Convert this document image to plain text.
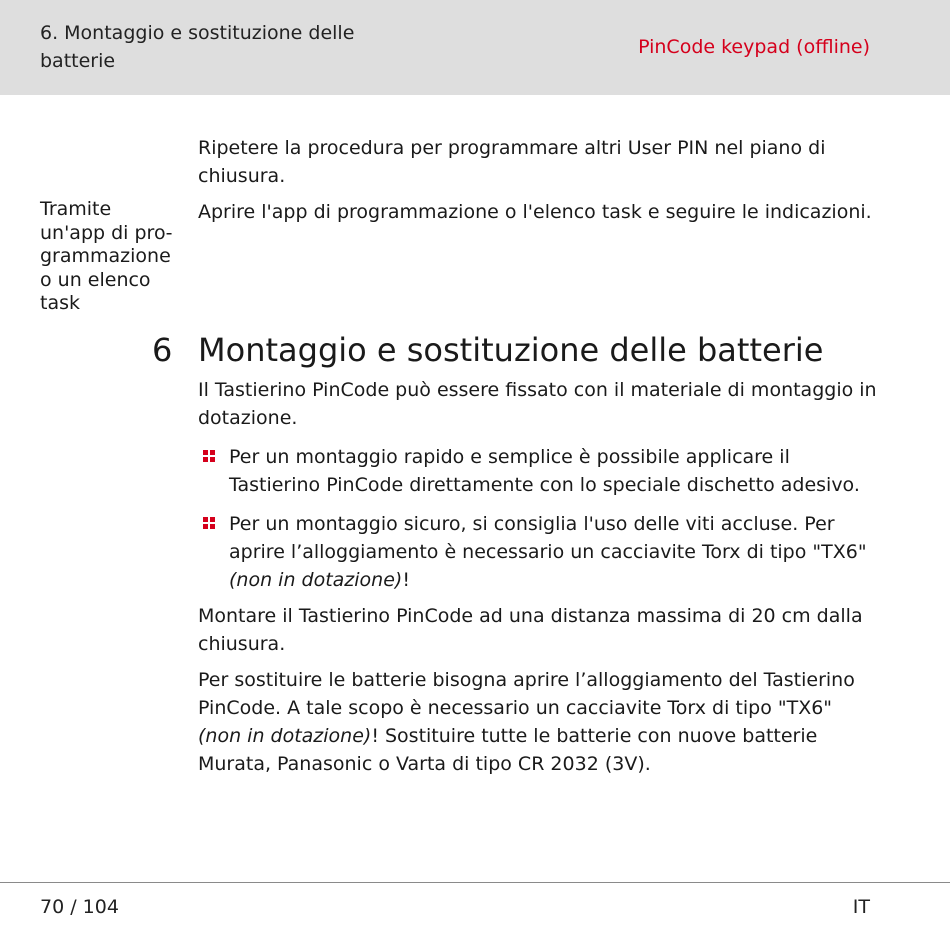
6. Montaggio e sostituzione delle batterie
PinCode keypad (offline)
Ripetere la procedura per programmare altri User PIN nel piano di chiusura.
Tramite un'app di programmazione o un elenco task
Aprire l'app di programmazione o l'elenco task e seguire le indicazioni.
6 Montaggio e sostituzione delle batterie
Il Tastierino PinCode può essere fissato con il materiale di montaggio in dotazione.
Per un montaggio rapido e semplice è possibile applicare il Tastierino PinCode direttamente con lo speciale dischetto adesivo.
Per un montaggio sicuro, si consiglia l'uso delle viti accluse. Per aprire l’alloggiamento è necessario un cacciavite Torx di tipo "TX6" (non in dotazione)!
Montare il Tastierino PinCode ad una distanza massima di 20 cm dalla chiusura.
Per sostituire le batterie bisogna aprire l’alloggiamento del Tastierino PinCode. A tale scopo è necessario un cacciavite Torx di tipo "TX6" (non in dotazione)! Sostituire tutte le batterie con nuove batterie Murata, Panasonic o Varta di tipo CR 2032 (3V).
70 / 104	IT
